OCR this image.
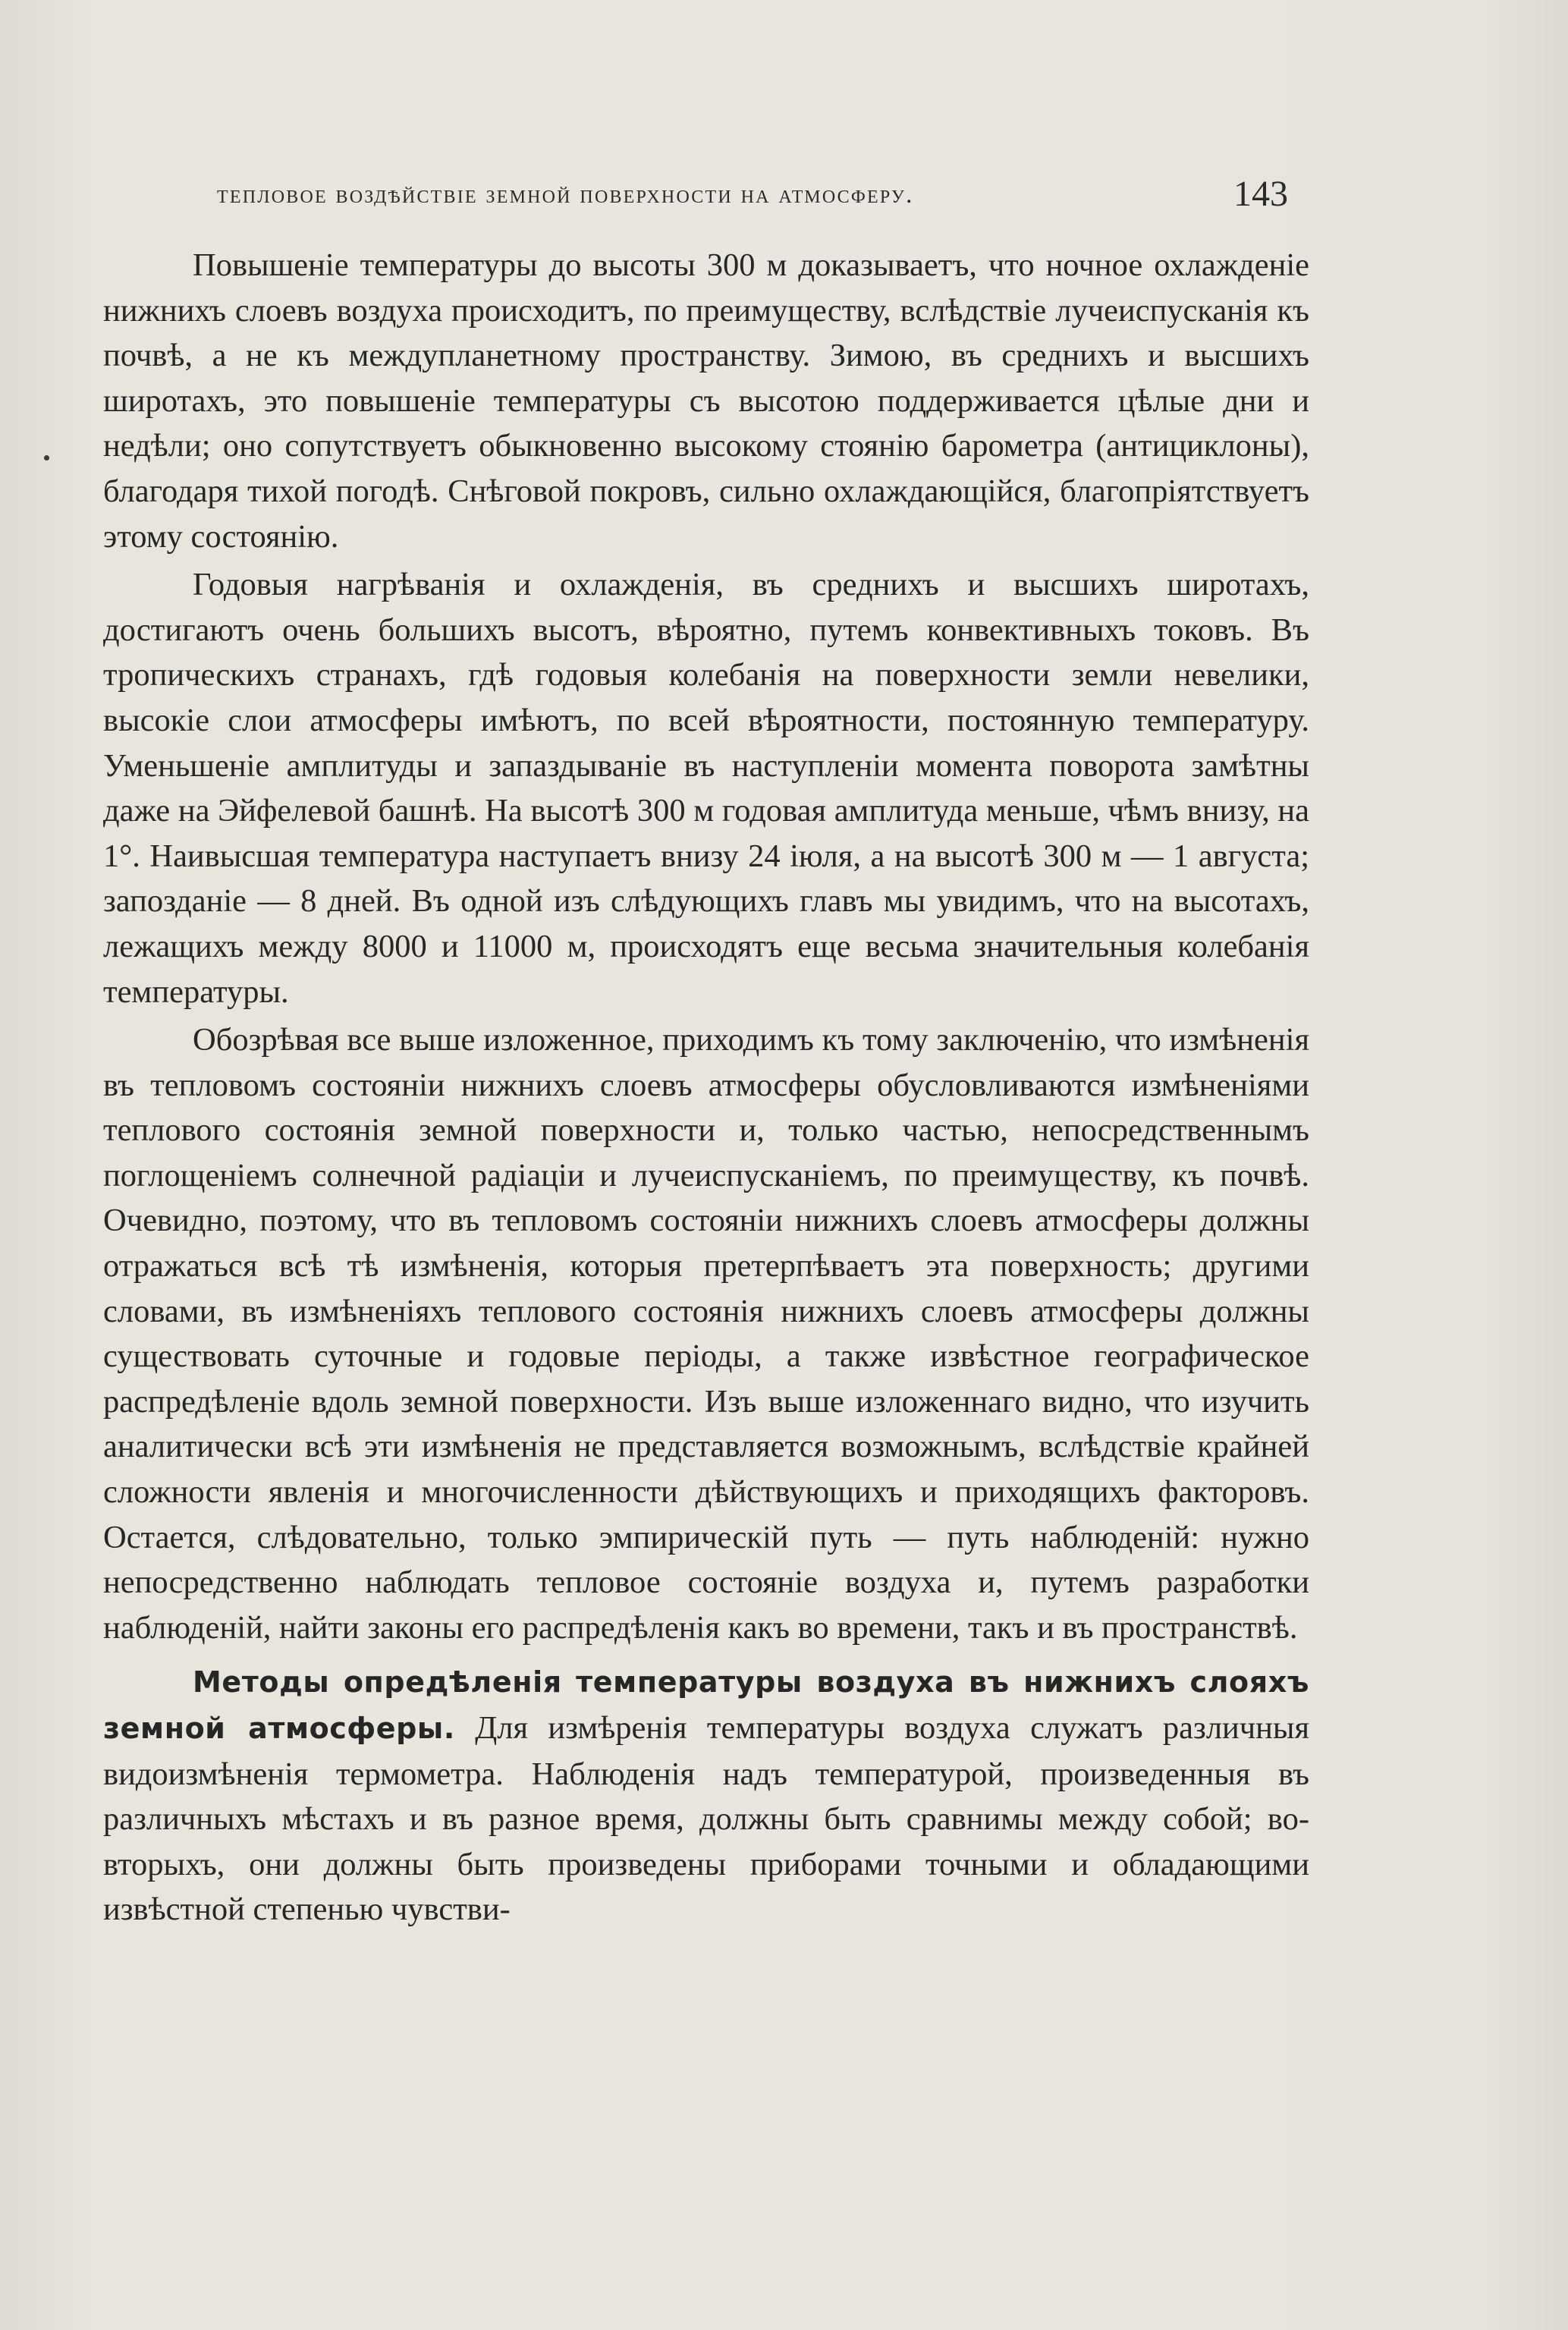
тепловое воздѣйствіе земной поверхности на атмосферу.	143

Повышеніе температуры до высоты 300 м доказываетъ, что ночное охлажденіе нижнихъ слоевъ воздуха происходитъ, по преимуществу, вслѣдствіе лучеиспусканія къ почвѣ, а не къ междупланетному пространству. Зимою, въ среднихъ и высшихъ широтахъ, это повышеніе температуры съ высотою поддерживается цѣлые дни и недѣли; оно сопутствуетъ обыкновенно высокому стоянію барометра (антициклоны), благодаря тихой погодѣ. Снѣговой покровъ, сильно охлаждающійся, благопріятствуетъ этому состоянію.

Годовыя нагрѣванія и охлажденія, въ среднихъ и высшихъ широтахъ, достигаютъ очень большихъ высотъ, вѣроятно, путемъ конвективныхъ токовъ. Въ тропическихъ странахъ, гдѣ годовыя колебанія на поверхности земли невелики, высокіе слои атмосферы имѣютъ, по всей вѣроятности, постоянную температуру. Уменьшеніе амплитуды и запаздываніе въ наступленіи момента поворота замѣтны даже на Эйфелевой башнѣ. На высотѣ 300 м годовая амплитуда меньше, чѣмъ внизу, на 1°. Наивысшая температура наступаетъ внизу 24 іюля, а на высотѣ 300 м — 1 августа; запозданіе — 8 дней. Въ одной изъ слѣдующихъ главъ мы увидимъ, что на высотахъ, лежащихъ между 8000 и 11000 м, происходятъ еще весьма значительныя колебанія температуры.

Обозрѣвая все выше изложенное, приходимъ къ тому заключенію, что измѣненія въ тепловомъ состояніи нижнихъ слоевъ атмосферы обусловливаются измѣненіями теплового состоянія земной поверхности и, только частью, непосредственнымъ поглощеніемъ солнечной радіаціи и лучеиспусканіемъ, по преимуществу, къ почвѣ. Очевидно, поэтому, что въ тепловомъ состояніи нижнихъ слоевъ атмосферы должны отражаться всѣ тѣ измѣненія, которыя претерпѣваетъ эта поверхность; другими словами, въ измѣненіяхъ теплового состоянія нижнихъ слоевъ атмосферы должны существовать суточные и годовые періоды, а также извѣстное географическое распредѣленіе вдоль земной поверхности. Изъ выше изложеннаго видно, что изучить аналитически всѣ эти измѣненія не представляется возможнымъ, вслѣдствіе крайней сложности явленія и многочисленности дѣйствующихъ и приходящихъ факторовъ. Остается, слѣдовательно, только эмпирическій путь — путь наблюденій: нужно непосредственно наблюдать тепловое состояніе воздуха и, путемъ разработки наблюденій, найти законы его распредѣленія какъ во времени, такъ и въ пространствѣ.

Методы опредѣленія температуры воздуха въ нижнихъ слояхъ земной атмосферы. Для измѣренія температуры воздуха служатъ различныя видоизмѣненія термометра. Наблюденія надъ температурой, произведенныя въ различныхъ мѣстахъ и въ разное время, должны быть сравнимы между собой; во-вторыхъ, они должны быть произведены приборами точными и обладающими извѣстной степенью чувстви-
